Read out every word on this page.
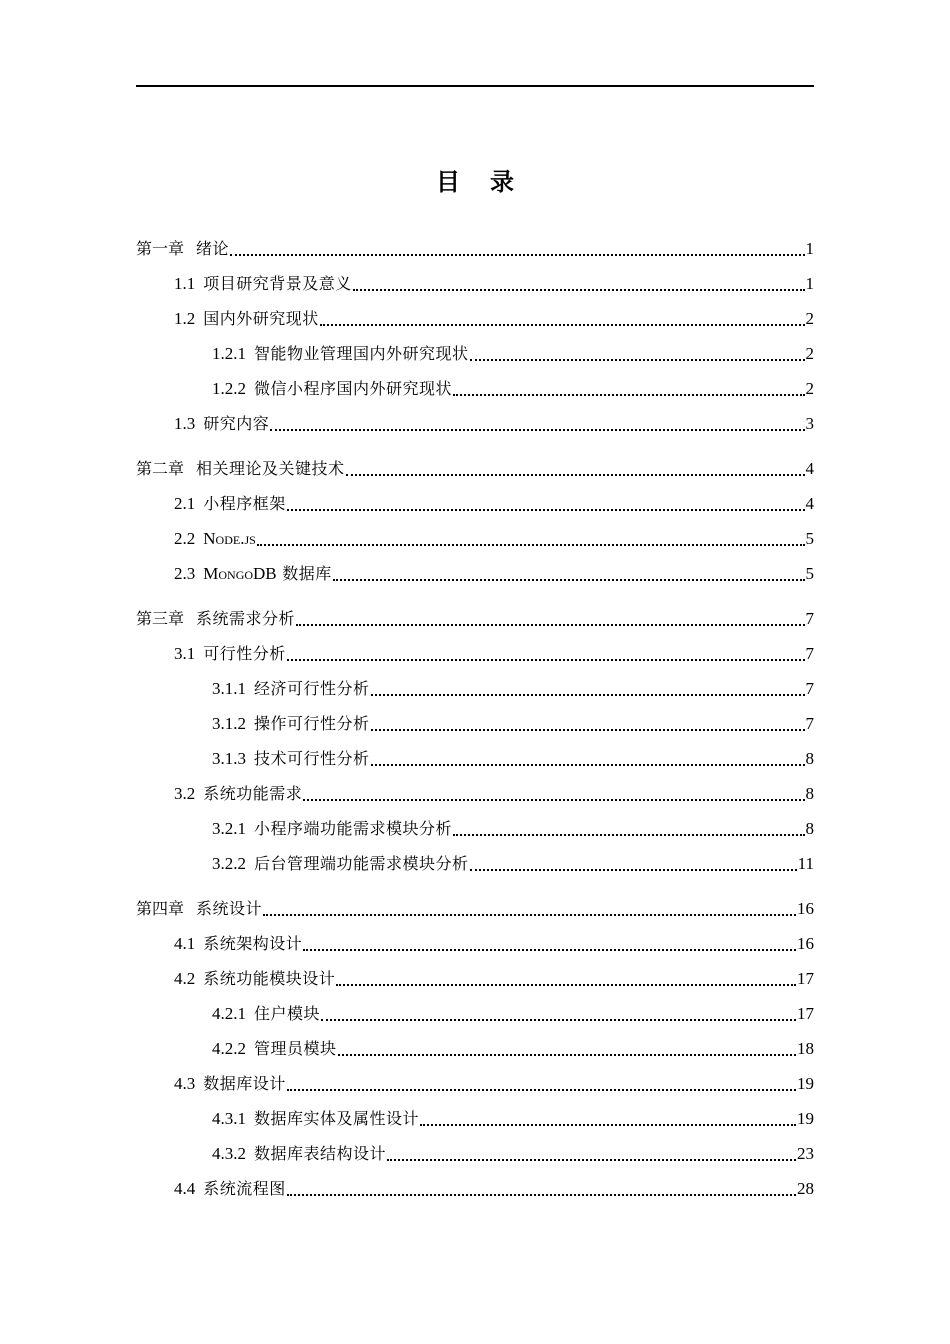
目 录
第一章 绪论	1
1.1 项目研究背景及意义	1
1.2 国内外研究现状	2
1.2.1 智能物业管理国内外研究现状	2
1.2.2 微信小程序国内外研究现状	2
1.3 研究内容	3
第二章 相关理论及关键技术	4
2.1 小程序框架	4
2.2 Node.js	5
2.3 MongoDB 数据库	5
第三章 系统需求分析	7
3.1 可行性分析	7
3.1.1 经济可行性分析	7
3.1.2 操作可行性分析	7
3.1.3 技术可行性分析	8
3.2 系统功能需求	8
3.2.1 小程序端功能需求模块分析	8
3.2.2 后台管理端功能需求模块分析	11
第四章 系统设计	16
4.1 系统架构设计	16
4.2 系统功能模块设计	17
4.2.1 住户模块	17
4.2.2 管理员模块	18
4.3 数据库设计	19
4.3.1 数据库实体及属性设计	19
4.3.2 数据库表结构设计	23
4.4 系统流程图	28
